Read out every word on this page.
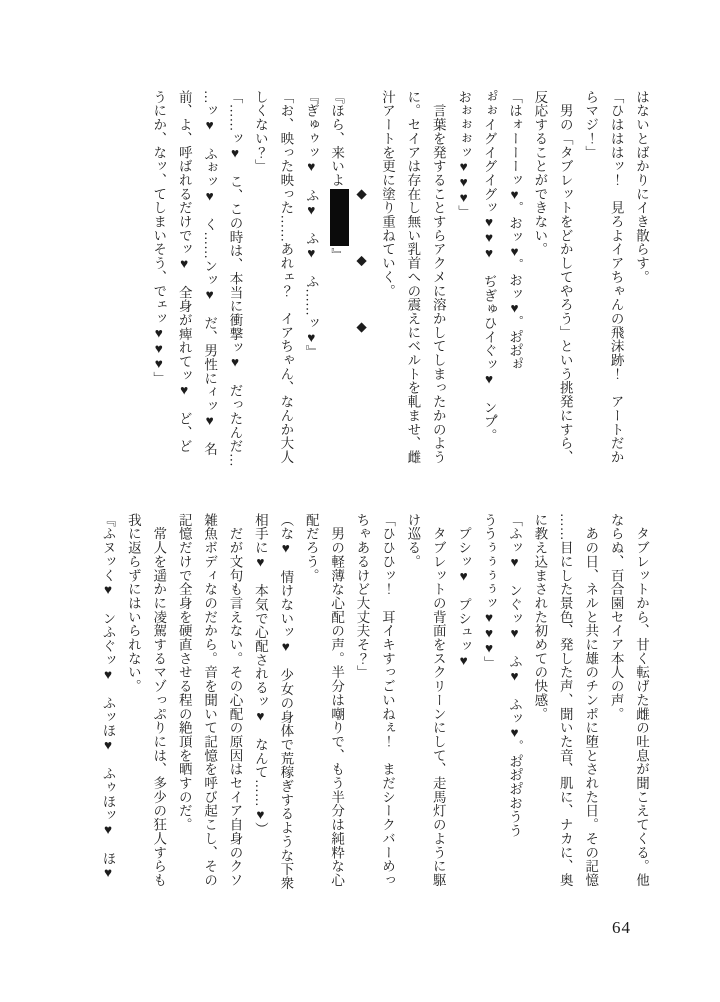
はないとばかりにイき散らす。
「ひはははッ！　見ろよイアちゃんの飛沫跡！　アートだか
らマジ！」
　男の「タブレットをどかしてやろう」という挑発にすら、
反応することができない。
「はォーーーッ♥　゚おッ♥　゚おッ♥　゚お゚お゚ぉ゚
ぉ゚ぉイグイグイグッ♥♥♥　ぢぎゅひイぐッ♥　ンブ゚。
おぉぉぉッ♥♥♥」
　言葉を発することすらアクメに溶かしてしまったかのよう
に。セイアは存在し無い乳首への震えにベルトを軋ませ、雌
汁アートを更に塗り重ねていく。
◆　　　◆　　　◆
『ほら、来いよ』
『ぎゅゥッ♥　ふ♥　ふ♥　ふ……ッ♥』
「お、映った映った……あれェ？　イアちゃん、なんか大人
しくない？」
「……ッ♥　こ、この時は、本当に衝撃ッ♥　だったんだ…
…ッ♥　ふぉッ♥　く……ンッ♥　だ、男性にィッ♥　名
前、よ、呼ばれるだけでッ♥　全身が痺れてッ♥　ど、ど
うにか、なッ、てしまいそう、でェッ♥♥♥」
　タブレットから、甘く転げた雌の吐息が聞こえてくる。他
ならぬ、百合園セイア本人の声。
　あの日、ネルと共に雄のチンポに堕とされた日。その記憶
……目にした景色、発した声、聞いた音、肌に、ナカに、奥
に教え込まされた初めての快感。
「ふッ♥　ンぐッ♥　ふ♥　ふッ♥　゚お゚お゚お゚おうう
ううぅぅぅぅッ♥♥♥」
　プシッ♥　プシュッ♥
　タブレットの背面をスクリーンにして、走馬灯のように駆
け巡る。
「ひひひッ！　耳イキすっごいねぇ！　まだシークバーめっ
ちゃあるけど大丈夫そ？」
　男の軽薄な心配の声。半分は嘲りで、もう半分は純粋な心
配だろう。
（な♥　情けないッ♥　少女の身体で荒稼ぎするような下衆
相手に♥　本気で心配されるッ♥　なんて……♥）
　だが文句も言えない。その心配の原因はセイア自身のクソ
雑魚ボディなのだから。音を聞いて記憶を呼び起こし、その
記憶だけで全身を硬直させる程の絶頂を晒すのだ。
　常人を遥かに凌駕するマゾっぷりには、多少の狂人すらも
我に返らずにはいられない。
『ふヌッく♥　ンふぐッ♥　ふッほ♥　ふゥほッ♥　ほ♥
64
